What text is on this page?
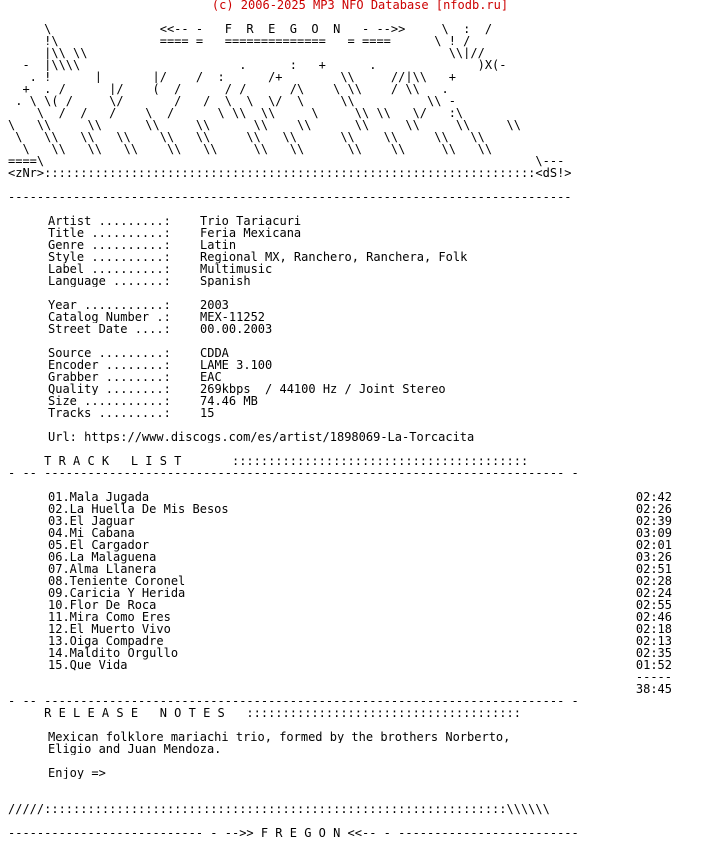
(c) 2006-2025 MP3 NFO Database [nfodb.ru]

\               <<-- -   F  R  E  G  O  N   - -->>     \  :  /
!\ _            ==== =   ==============   = ====     _\ ! /_
|\\ \\                                                  \\|//
-  |\\\\______________________.______:___+______.______________)X(-
_ . !____  |_   _  |/    /_ :      /+ _____  \\    _//|\\   +
+  ._/   ___|/  __(  /   ___/ /______/\    \ \\    / \\_  .
. \ \(_/ ____\/_  ____/   /_ \_ \__\/__\     \\  __   __ \\ -
___\__/__/   /___ \__/____  \ \\  \\___  \___  \\ \\   \/   :\ ___
\___\\_____\\______\\_____\\______\\____\\______\\_____\\_____\\_____\\___
\   \\   \\   \\    \\   \\     \\   \\      \\    \\     \\   \\
__\___\\___\\___\\____\\___\\_____\\___\\______\\____\\_____\\___\\_____
====\____________________________________________________________________\---
<zNr>::::::::::::::::::::::::::::::::::::::::::::::::::::::::::::::::::::<dS!>

------------------------------------------------------------------------------

Artist .........: Trio Tariacuri
Title ..........: Feria Mexicana
Genre ..........: Latin
Style ..........: Regional MX, Ranchero, Ranchera, Folk
Label ..........: Multimusic
Language .......: Spanish
Year ...........: 2003
Catalog Number .: MEX-11252
Street Date ....: 00.00.2003
Source .........: CDDA
Encoder ........: LAME 3.100
Grabber ........: EAC
Quality ........: 269kbps  / 44100 Hz / Joint Stereo
Size ...........: 74.46 MB
Tracks .........: 15

Url: https://www.discogs.com/es/artist/1898069-La-Torcacita

T R A C K   L I S T       :::::::::::::::::::::::::::::::::::::::::
- -- ------------------------------------------------------------------------ -

01.Mala Jugada	02:42
02.La Huella De Mis Besos	02:26
03.El Jaguar	02:39
04.Mi Cabana	03:09
05.El Cargador	02:01
06.La Malaguena	03:26
07.Alma Llanera	02:51
08.Teniente Coronel	02:28
09.Caricia Y Herida	02:24
10.Flor De Roca	02:55
11.Mira Como Eres	02:46
12.El Muerto Vivo	02:18
13.Oiga Compadre	02:13
14.Maldito Orgullo	02:35
15.Que Vida	01:52
-----
38:45
- -- ------------------------------------------------------------------------ -
R E L E A S E   N O T E S   ::::::::::::::::::::::::::::::::::::::

Mexican folklore mariachi trio, formed by the brothers Norberto,
Eligio and Juan Mendoza.

Enjoy =>

______________________________________________________________________________
/////::::::::::::::::::::::::::::::::::::::::::::::::::::::::::::::::\\\\\\

--------------------------- - -->> F R E G O N <<-- - -------------------------
